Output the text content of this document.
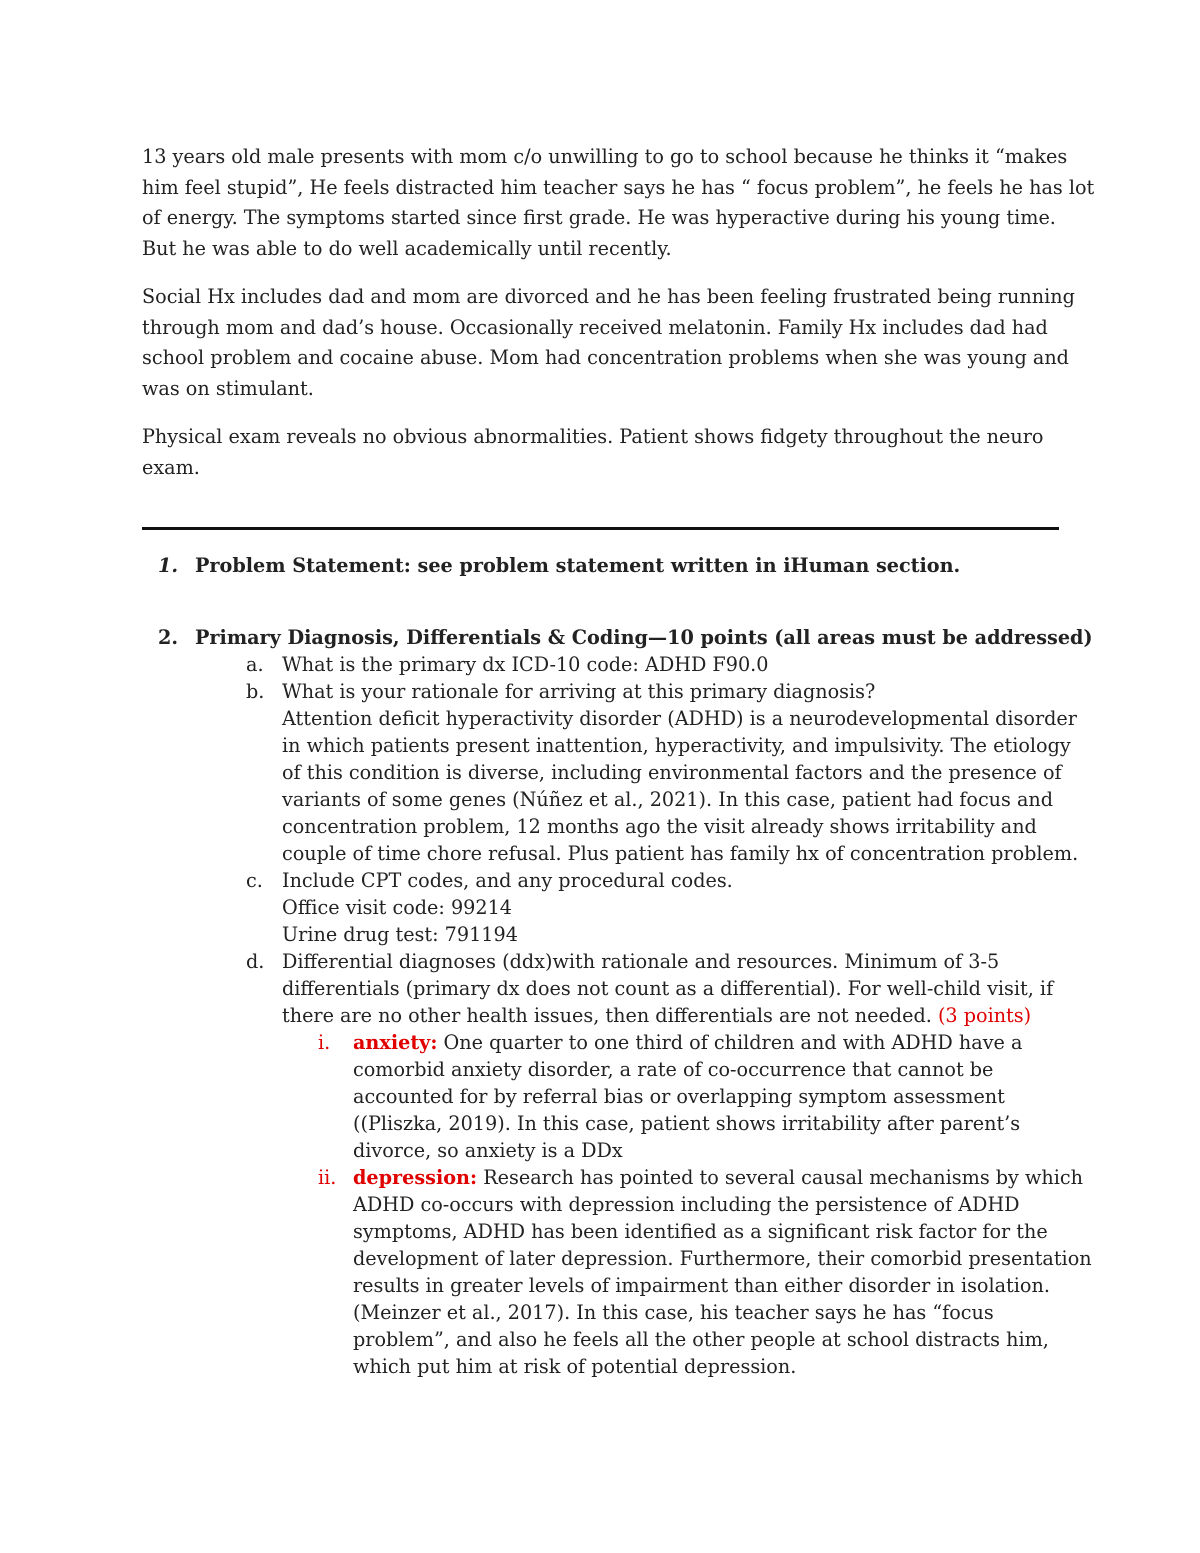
13 years old male presents with mom c/o unwilling to go to school because he thinks it “makes
him feel stupid”, He feels distracted him teacher says he has “ focus problem”, he feels he has lot
of energy. The symptoms started since first grade. He was hyperactive during his young time.
But he was able to do well academically until recently.

Social Hx includes dad and mom are divorced and he has been feeling frustrated being running
through mom and dad’s house. Occasionally received melatonin. Family Hx includes dad had
school problem and cocaine abuse. Mom had concentration problems when she was young and
was on stimulant.

Physical exam reveals no obvious abnormalities. Patient shows fidgety throughout the neuro
exam.

1. Problem Statement: see problem statement written in iHuman section.
2. Primary Diagnosis, Differentials & Coding—10 points (all areas must be addressed)
a. What is the primary dx ICD-10 code: ADHD F90.0

b. What is your rationale for arriving at this primary diagnosis?
Attention deficit hyperactivity disorder (ADHD) is a neurodevelopmental disorder
in which patients present inattention, hyperactivity, and impulsivity. The etiology
of this condition is diverse, including environmental factors and the presence of
variants of some genes (Núñez et al., 2021). In this case, patient had focus and
concentration problem, 12 months ago the visit already shows irritability and
couple of time chore refusal. Plus patient has family hx of concentration problem.

c. Include CPT codes, and any procedural codes.
Office visit code: 99214
Urine drug test: 791194

d. Differential diagnoses (ddx)with rationale and resources. Minimum of 3-5
differentials (primary dx does not count as a differential). For well-child visit, if
there are no other health issues, then differentials are not needed. (3 points)

i. anxiety: One quarter to one third of children and with ADHD have a
comorbid anxiety disorder, a rate of co-occurrence that cannot be
accounted for by referral bias or overlapping symptom assessment
((Pliszka, 2019). In this case, patient shows irritability after parent’s
divorce, so anxiety is a DDx

ii. depression: Research has pointed to several causal mechanisms by which
ADHD co-occurs with depression including the persistence of ADHD
symptoms, ADHD has been identified as a significant risk factor for the
development of later depression. Furthermore, their comorbid presentation
results in greater levels of impairment than either disorder in isolation.
(Meinzer et al., 2017). In this case, his teacher says he has “focus
problem”, and also he feels all the other people at school distracts him,
which put him at risk of potential depression.
